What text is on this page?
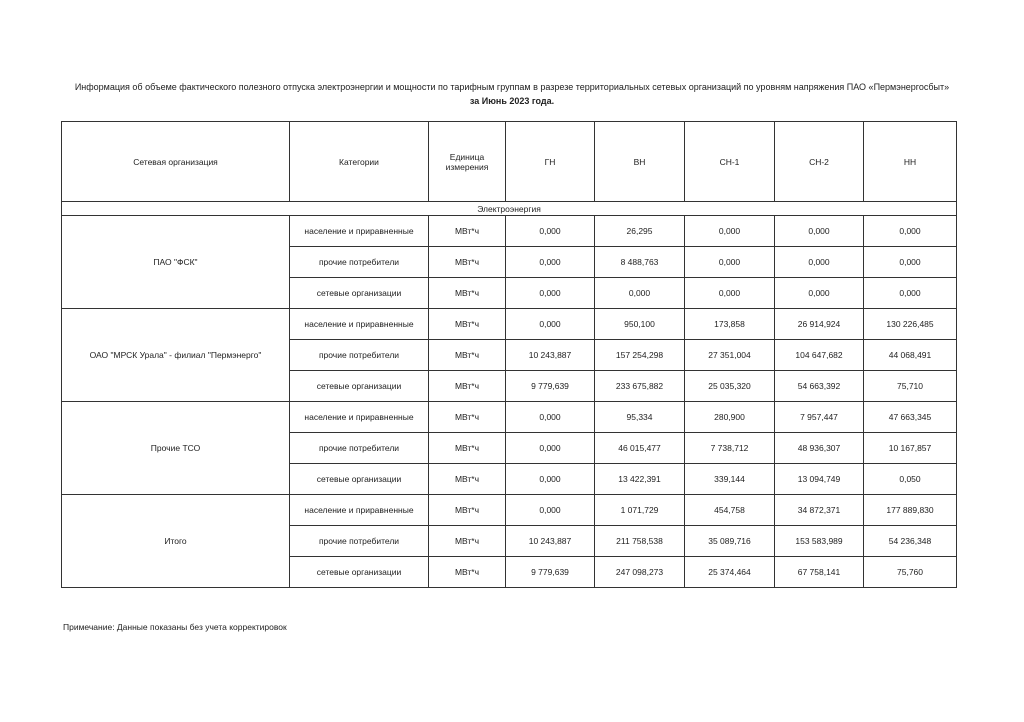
Информация об объеме фактического полезного отпуска электроэнергии и мощности по тарифным группам в разрезе территориальных сетевых организаций по уровням напряжения ПАО «Пермэнергосбыт»
за Июнь 2023 года.
Сетевая организация	Категории	Единица измерения	ГН	ВН	СН-1	СН-2	НН
Электроэнергия							
ПАО "ФСК"	население и приравненные	МВт*ч	0,000	26,295	0,000	0,000	0,000
	прочие потребители	МВт*ч	0,000	8 488,763	0,000	0,000	0,000
	сетевые организации	МВт*ч	0,000	0,000	0,000	0,000	0,000
ОАО "МРСК Урала" - филиал "Пермэнерго"	население и приравненные	МВт*ч	0,000	950,100	173,858	26 914,924	130 226,485
	прочие потребители	МВт*ч	10 243,887	157 254,298	27 351,004	104 647,682	44 068,491
	сетевые организации	МВт*ч	9 779,639	233 675,882	25 035,320	54 663,392	75,710
Прочие ТСО	население и приравненные	МВт*ч	0,000	95,334	280,900	7 957,447	47 663,345
	прочие потребители	МВт*ч	0,000	46 015,477	7 738,712	48 936,307	10 167,857
	сетевые организации	МВт*ч	0,000	13 422,391	339,144	13 094,749	0,050
Итого	население и приравненные	МВт*ч	0,000	1 071,729	454,758	34 872,371	177 889,830
	прочие потребители	МВт*ч	10 243,887	211 758,538	35 089,716	153 583,989	54 236,348
	сетевые организации	МВт*ч	9 779,639	247 098,273	25 374,464	67 758,141	75,760
Примечание: Данные показаны без учета корректировок
